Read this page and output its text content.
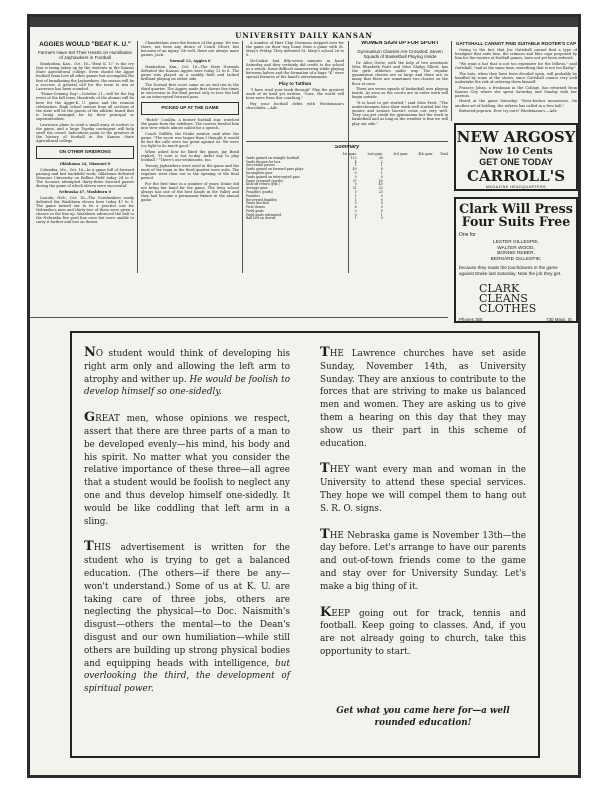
UNIVERSITY DAILY KANSAN
AGGIES WOULD "BEAT K. U."
Farmers Have Set Their Hearts on Humiliation of Jayhawkers in Football

Manhattan, Kan., Oct. 16—"Beat K. U." is the cry that is being taken up by the students in the Kansas State Agricultural college. Even should the Aggie football team lose all other games but accomplish the feat of humiliating the Jayhawkers, the season will be a success. A general call for the team to win at Lawrence has been sounded.

"Home-Coming Day"—October 21—will be the big event of the fall term. Hundreds of the alumni will be here for the Aggie-K. U. game and the reunion celebration. High school seniors from all sections of the state will be the guests of the athletic board that is being arranged for by their principal or superintendent.

Lawrence plans to send a small army of rooters to the game, and a large Topeka contingent will help swell the crowd. Indications point to the greatest in the history of football in the Kansas State Agricultural college.

ON OTHER GRIDIRONS

Oklahoma 24, Missouri 0

Columbia, Mo., Oct. 16—In a game full of forward passing and fast backfield work, Oklahoma defeated Missouri University on Rollins Field today 24 to 0. The Sooners attempted thirty-three forward passes during the game of which eleven were successful.

Nebraska 47, Washburn 0

Lincoln, Neb., Oct. 16—The Cornhuskers easily defeated the Washburn eleven here today 47 to 0. The game turned out to be a practice one for Nebraska's men and thirty-two of them were given a chance in the line-up. Washburn advanced the ball to the Nebraska five yard line once but were unable to carry it farther and lost on downs.

Chamberlain were the feature of the game. He was there, not from any desire of Coach Olcott, but because of an injury. Oh well, there are always more games, Jack.

Normal 13, Aggies 6

Manhattan, Kan., Oct. 16—The State Normals defeated the Kansas Aggies here today 13 to 6. The game was played on a muddy field and lacked brilliant playing on either side.

The Normal first score came on an end run in the third quarter. The Aggies made first downs five times in succession in the final period only to lose the ball on an intercepted forward pass.

PICKED UP AT THE GAME

"Butch" Conklin, a former football star, watched the game from the sidelines. The rooters howled him into view which almost called for a speech.

Coach Griffith, the Drake mentor, said after the game, "The score was larger than I thought it would be but the calls were too great against us. We were too light to do much good."

When asked how he liked the game, Jay Bond replied, "It sure is hot to-day. Awful day to play football." "There's our sentiments, too.

Twenty Jayhawkers were used in the game and the most of the team in the third quarter were subs. The regulars went then out to the opening of the final period.

For the first time in a number of years Drake did not bring her band for the game. The Iowa school always has one of the best bands in the Valley and they had become a permanent fixture in the annual game.

A number of Hart Chip Normans stepped over for the game on their way home from a game with St. Mary's Friday. They defeated St. Mary's school 26 to 0.

McCaskie had fifty-seven minutes in hand Saturday and they certainly did credit to the school as a result. Some difficult maneuvering while playing between halves and the formation of a huge "K" were special features of the band's entertainment.

Play to Tatthan

"I have read your book through" Play the greatest work of its kind yet written. "Sure, the world will hear more from this coaching."

Pay your football debts with Wiedemann's chocolates.—Adv.

WOMEN SIGN UP FOR SPORT
Gymnasium Classes Are Crowded; Seven Squads of Basketball Playing Inside

Dr. Alice Goetz, with the help of two assistants Miss Elizabeth Pratt and Miss Gladys Elliott, has the girls athletics under way. The regular gymnasium classes are so large and there are so many that there are sometimes two classes on the floor at once.

There are seven squads of basketball now playing inside. As soon as the courts are in order work will begin outside.

"It is hard to get started," said Miss Pratt. "The underclassmen have their work well started but the juniors and seniors haven't come out very well. They can get credit for gymnasium but the work in basketball and as long as the weather is fine we will play out side."

Summary
	1st quar.	2nd quar.	3rd quar.	4th quar.	Total
Yards gained on straight football	112	38			
Yards thrown for loss	4	2			
Successful passes	1	1			
Yards gained on forward pass plays	49	8			
Incomplete pass	0	1			
Yards gained on intercepted pass	0	0			
Punts returned (yards)	37	16			
Kick-off return (yds.)	0	40			
Average punt	31	33			
Penalties (yards)	5	25			
Fumbles	1	0			
Recovered fumbles	1	0			
Punts blocked	0	0			
First downs	6	3			
Field goals	0	0			
Field goals attempted	0	1			
Ball lost on downs	1	0			
GATTSHALL CANNOT FIND SUITABLE ROOTER'S CAP

Owing to the fact that Joe Gattshall cannot find a type of headgear that suits him, the crimson and blue caps proposed by him for the rooters at football games, have not yet been ordered.

"We want a hat that is not too expensive for the fellows," said Gattshall, "and at the same time, something that is not too flashy."

The hats, when they have been decided upon, will probably be handled by some of the stores, since Gattshall cannot very well undertake the risk of ordering them himself.

Frances Johns, a freshman in the College, has returned from Kansas City where she spent Saturday and Sunday with her parents.

Heard at the game Saturday: "Deez-bucker moaneroos. On another set of holding, the referee has called in a free ball."

Buttered popcorn. Ever try ours? Wiedemann's.—Adv.

NEW ARGOSY
Now 10 Cents
GET ONE TODAY
CARROLL'S
MAGAZINE HEADQUARTERS
Clark Will Press Four Suits Free
One for
LESTER GILLESPIE,
WALTER WOOD,
BONNIE REBER,
BERNARD GILLESPIE;
because they made the touchdowns in the game against Drake last Saturday. Note the job they get.
CLARK CLEANS CLOTHES
Phones 355	730 Mass. St.

NO student would think of developing his right arm only and allowing the left arm to atrophy and wither up. He would be foolish to develop himself so one-sidedly.

GREAT men, whose opinions we respect, assert that there are three parts of a man to be developed evenly—his mind, his body and his spirit. No matter what you consider the relative importance of these three—all agree that a student would be foolish to neglect any one and thus develop himself one-sidedly. It would be like coddling that left arm in a sling.

THIS advertisement is written for the student who is trying to get a balanced education. (The others—if there be any—won't understand.) Some of us at K. U. are taking care of three jobs, others are neglecting the physical—to Doc. Naismith's disgust—others the mental—to the Dean's disgust and our own humiliation—while still others are building up strong physical bodies and equipping heads with intelligence, but overlooking the third, the development of spiritual power.

THE Lawrence churches have set aside Sunday, November 14th, as University Sunday. They are anxious to contribute to the forces that are striving to make us balanced men and women. They are asking us to give them a hearing on this day that they may show us their part in this scheme of education.

THEY want every man and woman in the University to attend these special services. They hope we will compel them to hang out S. R. O. signs.

THE Nebraska game is November 13th—the day before. Let's arrange to have our parents and out-of-town friends come to the game and stay over for University Sunday. Let's make a big thing of it.

KEEP going out for track, tennis and football. Keep going to classes. And, if you are not already going to church, take this opportunity to start.

Get what you came here for—a well rounded education!
